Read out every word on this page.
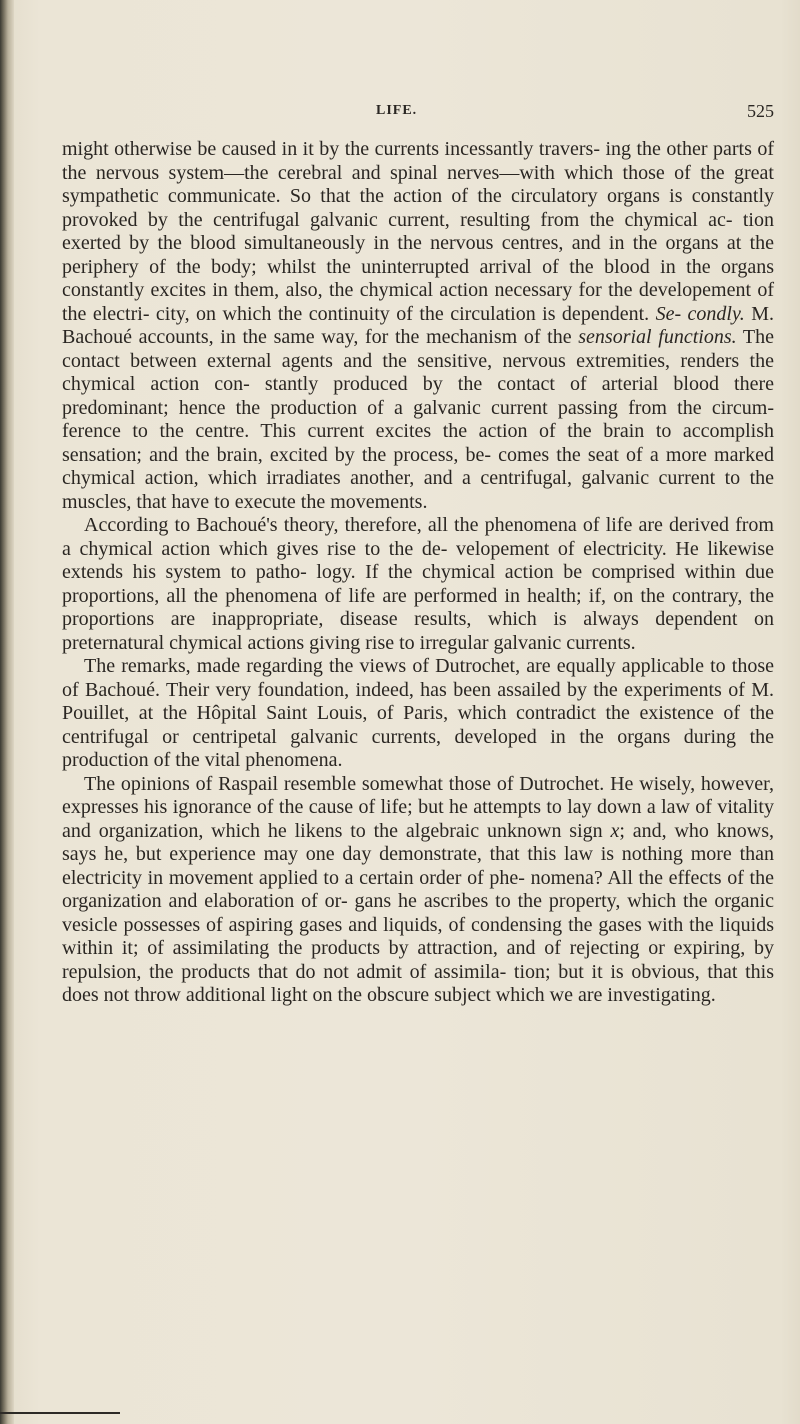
LIFE.	525

might otherwise be caused in it by the currents incessantly travers- ing the other parts of the nervous system—the cerebral and spinal nerves—with which those of the great sympathetic communicate. So that the action of the circulatory organs is constantly provoked by the centrifugal galvanic current, resulting from the chymical ac- tion exerted by the blood simultaneously in the nervous centres, and in the organs at the periphery of the body; whilst the uninterrupted arrival of the blood in the organs constantly excites in them, also, the chymical action necessary for the developement of the electri- city, on which the continuity of the circulation is dependent. Se- condly. M. Bachoué accounts, in the same way, for the mechanism of the sensorial functions. The contact between external agents and the sensitive, nervous extremities, renders the chymical action con- stantly produced by the contact of arterial blood there predominant; hence the production of a galvanic current passing from the circum- ference to the centre. This current excites the action of the brain to accomplish sensation; and the brain, excited by the process, be- comes the seat of a more marked chymical action, which irradiates another, and a centrifugal, galvanic current to the muscles, that have to execute the movements.

According to Bachoué's theory, therefore, all the phenomena of life are derived from a chymical action which gives rise to the de- velopement of electricity. He likewise extends his system to patho- logy. If the chymical action be comprised within due proportions, all the phenomena of life are performed in health; if, on the contrary, the proportions are inappropriate, disease results, which is always dependent on preternatural chymical actions giving rise to irregular galvanic currents.

The remarks, made regarding the views of Dutrochet, are equally applicable to those of Bachoué. Their very foundation, indeed, has been assailed by the experiments of M. Pouillet, at the Hôpital Saint Louis, of Paris, which contradict the existence of the centrifugal or centripetal galvanic currents, developed in the organs during the production of the vital phenomena.

The opinions of Raspail resemble somewhat those of Dutrochet. He wisely, however, expresses his ignorance of the cause of life; but he attempts to lay down a law of vitality and organization, which he likens to the algebraic unknown sign x; and, who knows, says he, but experience may one day demonstrate, that this law is nothing more than electricity in movement applied to a certain order of phe- nomena? All the effects of the organization and elaboration of or- gans he ascribes to the property, which the organic vesicle possesses of aspiring gases and liquids, of condensing the gases with the liquids within it; of assimilating the products by attraction, and of rejecting or expiring, by repulsion, the products that do not admit of assimila- tion; but it is obvious, that this does not throw additional light on the obscure subject which we are investigating.
